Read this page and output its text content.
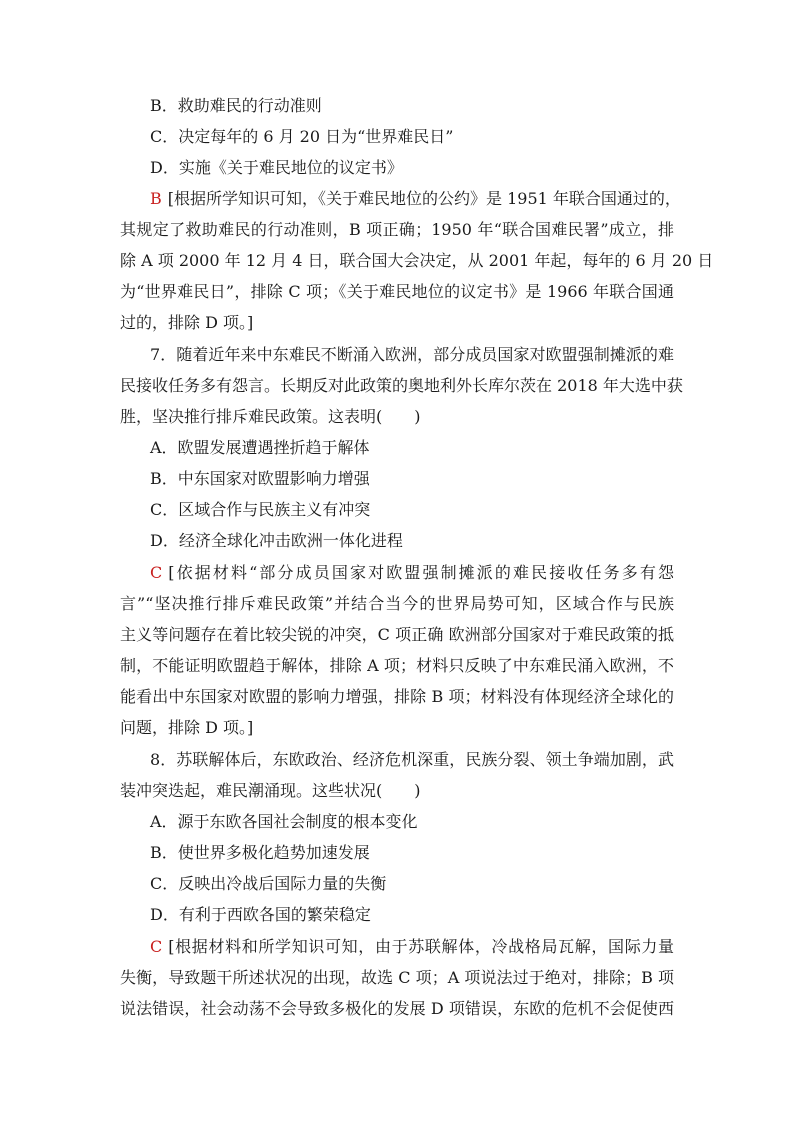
B．救助难民的行动准则
C．决定每年的 6 月 20 日为“世界难民日”
D．实施《关于难民地位的议定书》
B [根据所学知识可知，《关于难民地位的公约》是 1951 年联合国通过的，
其规定了救助难民的行动准则，B 项正确；1950 年“联合国难民署”成立，排
除 A 项 2000 年 12 月 4 日，联合国大会决定，从 2001 年起，每年的 6 月 20 日
为“世界难民日”，排除 C 项；《关于难民地位的议定书》是 1966 年联合国通
过的，排除 D 项。]
7．随着近年来中东难民不断涌入欧洲，部分成员国家对欧盟强制摊派的难
民接收任务多有怨言。长期反对此政策的奥地利外长库尔茨在 2018 年大选中获
胜，坚决推行排斥难民政策。这表明(　　)
A．欧盟发展遭遇挫折趋于解体
B．中东国家对欧盟影响力增强
C．区域合作与民族主义有冲突
D．经济全球化冲击欧洲一体化进程
C [依据材料“部分成员国家对欧盟强制摊派的难民接收任务多有怨
言”“坚决推行排斥难民政策”并结合当今的世界局势可知，区域合作与民族
主义等问题存在着比较尖锐的冲突，C 项正确 欧洲部分国家对于难民政策的抵
制，不能证明欧盟趋于解体，排除 A 项；材料只反映了中东难民涌入欧洲，不
能看出中东国家对欧盟的影响力增强，排除 B 项；材料没有体现经济全球化的
问题，排除 D 项。]
8．苏联解体后，东欧政治、经济危机深重，民族分裂、领土争端加剧，武
装冲突迭起，难民潮涌现。这些状况(　　)
A．源于东欧各国社会制度的根本变化
B．使世界多极化趋势加速发展
C．反映出冷战后国际力量的失衡
D．有利于西欧各国的繁荣稳定
C [根据材料和所学知识可知，由于苏联解体，冷战格局瓦解，国际力量
失衡，导致题干所述状况的出现，故选 C 项；A 项说法过于绝对，排除；B 项
说法错误，社会动荡不会导致多极化的发展 D 项错误，东欧的危机不会促使西
